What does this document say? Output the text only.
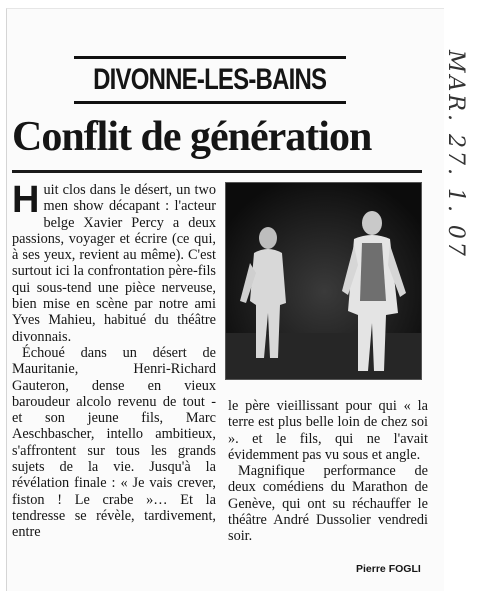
DIVONNE-LES-BAINS
Conflit de génération

Huit clos dans le désert, un two men show décapant : l'acteur belge Xavier Percy a deux passions, voyager et écrire (ce qui, à ses yeux, revient au même). C'est surtout ici la confrontation père-fils qui sous-tend une pièce nerveuse, bien mise en scène par notre ami Yves Mahieu, habitué du théâtre divonnais.

Échoué dans un désert de Mauritanie, Henri-Richard Gauteron, dense en vieux baroudeur alcolo revenu de tout - et son jeune fils, Marc Aeschbascher, intello ambitieux, s'affrontent sur tous les grands sujets de la vie. Jusqu'à la révélation finale : « Je vais crever, fiston ! Le crabe »… Et la tendresse se révèle, tardivement, entre

le père vieillissant pour qui « la terre est plus belle loin de chez soi ». et le fils, qui ne l'avait évidemment pas vu sous et angle.

Magnifique performance de deux comédiens du Marathon de Genève, qui ont su réchauffer le théâtre André Dussolier vendredi soir.

Pierre FOGLI
MAR. 27. 1. 07
